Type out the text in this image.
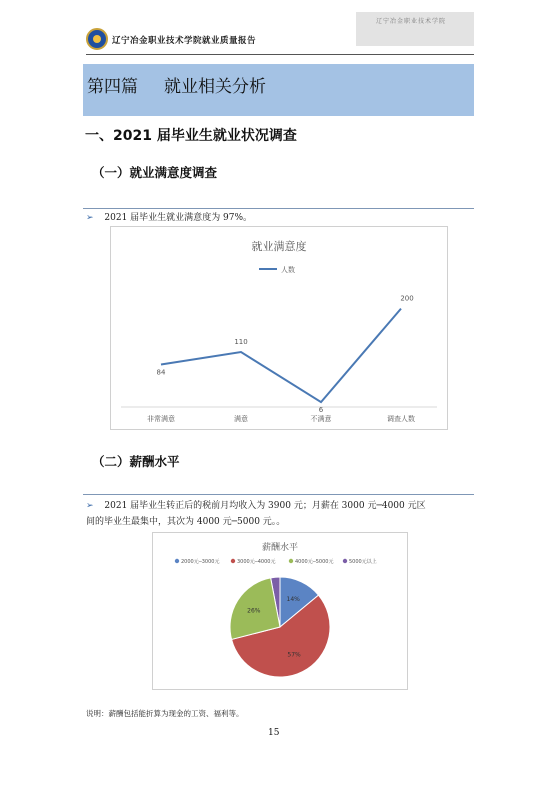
辽宁冶金职业技术学院就业质量报告
辽宁冶金职业技术学院
第四篇 就业相关分析
一、2021 届毕业生就业状况调查
（一）就业满意度调查
➢ 2021 届毕业生就业满意度为 97%。
就业满意度
人数
84
110
6
200
非常满意	满意	不满意	调查人数
（二）薪酬水平
➢ 2021 届毕业生转正后的税前月均收入为 3900 元；月薪在 3000 元─4000 元区
间的毕业生最集中，其次为 4000 元─5000 元。。
薪酬水平
2000元─3000元	3000元─4000元	4000元─5000元	5000元以上
14%
57%
26%
说明：薪酬包括能折算为现金的工资、福利等。
15
